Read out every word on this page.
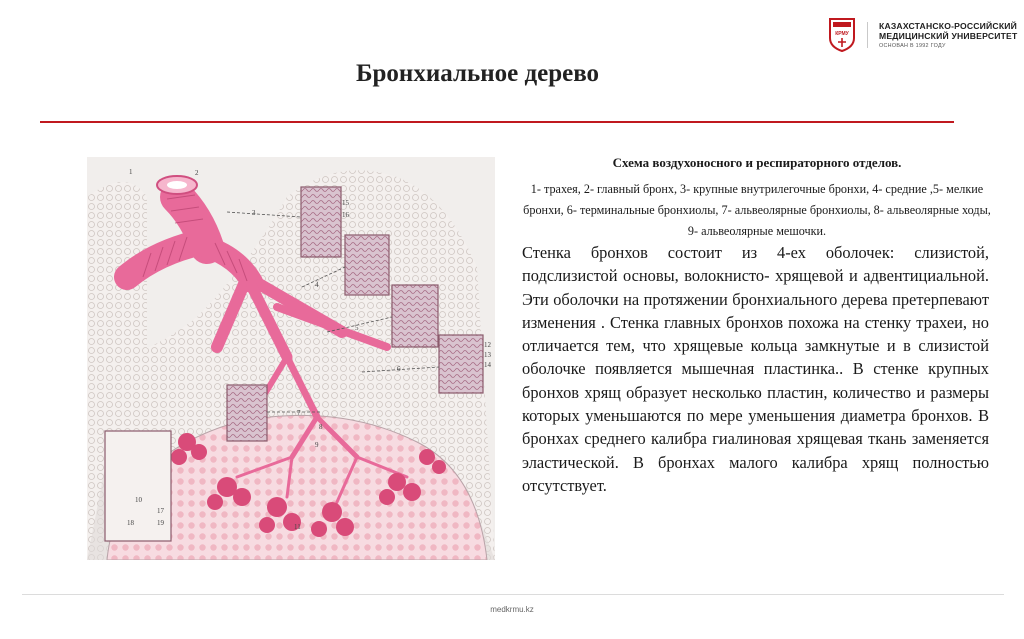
КРМУ
КАЗАХСТАНСКО-РОССИЙСКИЙ
МЕДИЦИНСКИЙ УНИВЕРСИТЕТ
ОСНОВАН В 1992 ГОДУ
Бронхиальное дерево
1	2
3
4
5
6
7
8
9
10
11
12
13
14
15
16
17
18	19
Схема воздухоносного и респираторного отделов.
1- трахея, 2- главный бронх, 3- крупные внутрилегочные бронхи, 4- средние ,5- мелкие бронхи, 6- терминальные бронхиолы, 7- альвеолярные бронхиолы, 8- альвеолярные ходы, 9- альвеолярные мешочки.
Стенка бронхов состоит из 4-ех оболочек: слизистой, подслизистой основы, волокнисто- хрящевой и адвентициальной. Эти оболочки на протяжении бронхиального дерева претерпевают изменения . Стенка главных бронхов похожа на стенку трахеи, но отличается тем, что хрящевые кольца замкнутые и в слизистой оболочке появляется мышечная пластинка.. В стенке крупных бронхов хрящ образует несколько пластин, количество и размеры которых уменьшаются по мере уменьшения диаметра бронхов. В бронхах среднего калибра гиалиновая хрящевая ткань заменяется эластической. В бронхах малого калибра хрящ полностью отсутствует.
medkrmu.kz
